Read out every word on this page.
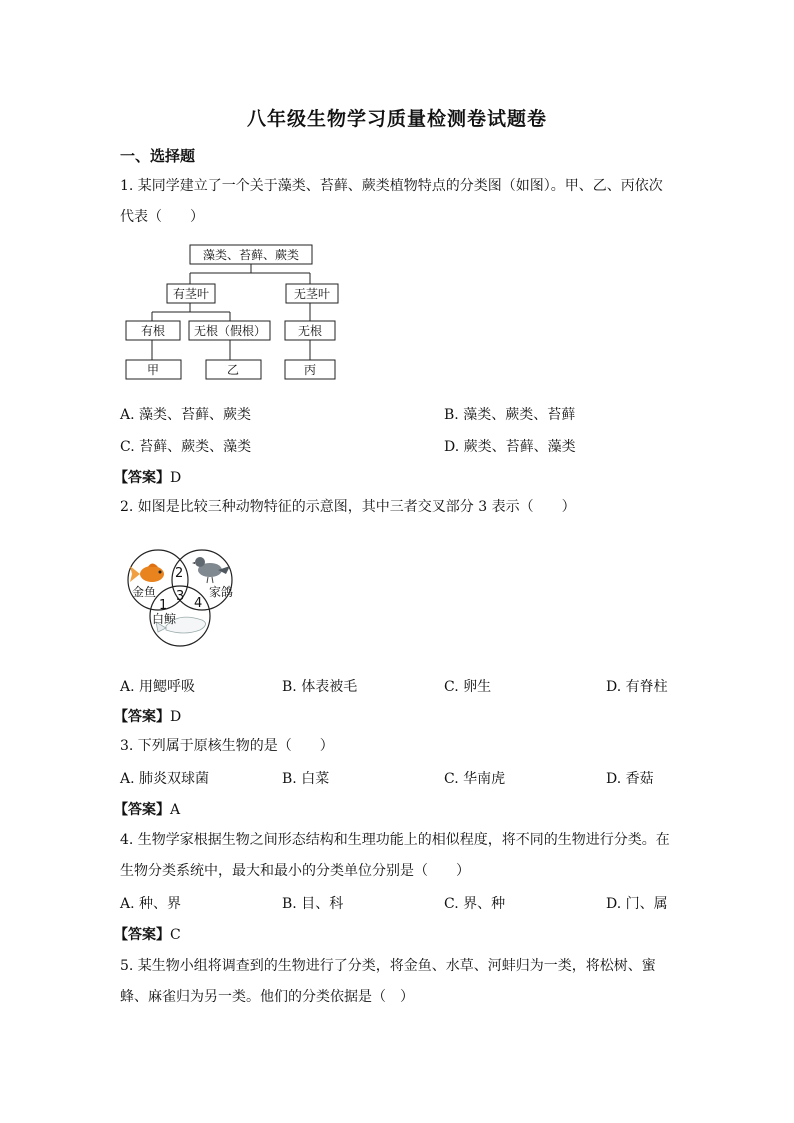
八年级生物学习质量检测卷试题卷
一、选择题
1. 某同学建立了一个关于藻类、苔藓、蕨类植物特点的分类图（如图）。甲、乙、丙依次
代表（　　）
藻类、苔藓、蕨类
有茎叶	无茎叶
有根 无根（假根）	无根
甲	乙	丙
A. 藻类、苔藓、蕨类	B. 藻类、蕨类、苔藓
C. 苔藓、蕨类、藻类	D. 蕨类、苔藓、藻类
【答案】D
2. 如图是比较三种动物特征的示意图，其中三者交叉部分 3 表示（　　）
2
3
1 4
金鱼	家鸽
白鲸
A. 用鳃呼吸	B. 体表被毛	C. 卵生	D. 有脊柱
【答案】D
3. 下列属于原核生物的是（　　）
A. 肺炎双球菌	B. 白菜	C. 华南虎	D. 香菇
【答案】A
4. 生物学家根据生物之间形态结构和生理功能上的相似程度，将不同的生物进行分类。在
生物分类系统中，最大和最小的分类单位分别是（　　）
A. 种、界	B. 目、科	C. 界、种	D. 门、属
【答案】C
5. 某生物小组将调查到的生物进行了分类，将金鱼、水草、河蚌归为一类，将松树、蜜
蜂、麻雀归为另一类。他们的分类依据是（　）
